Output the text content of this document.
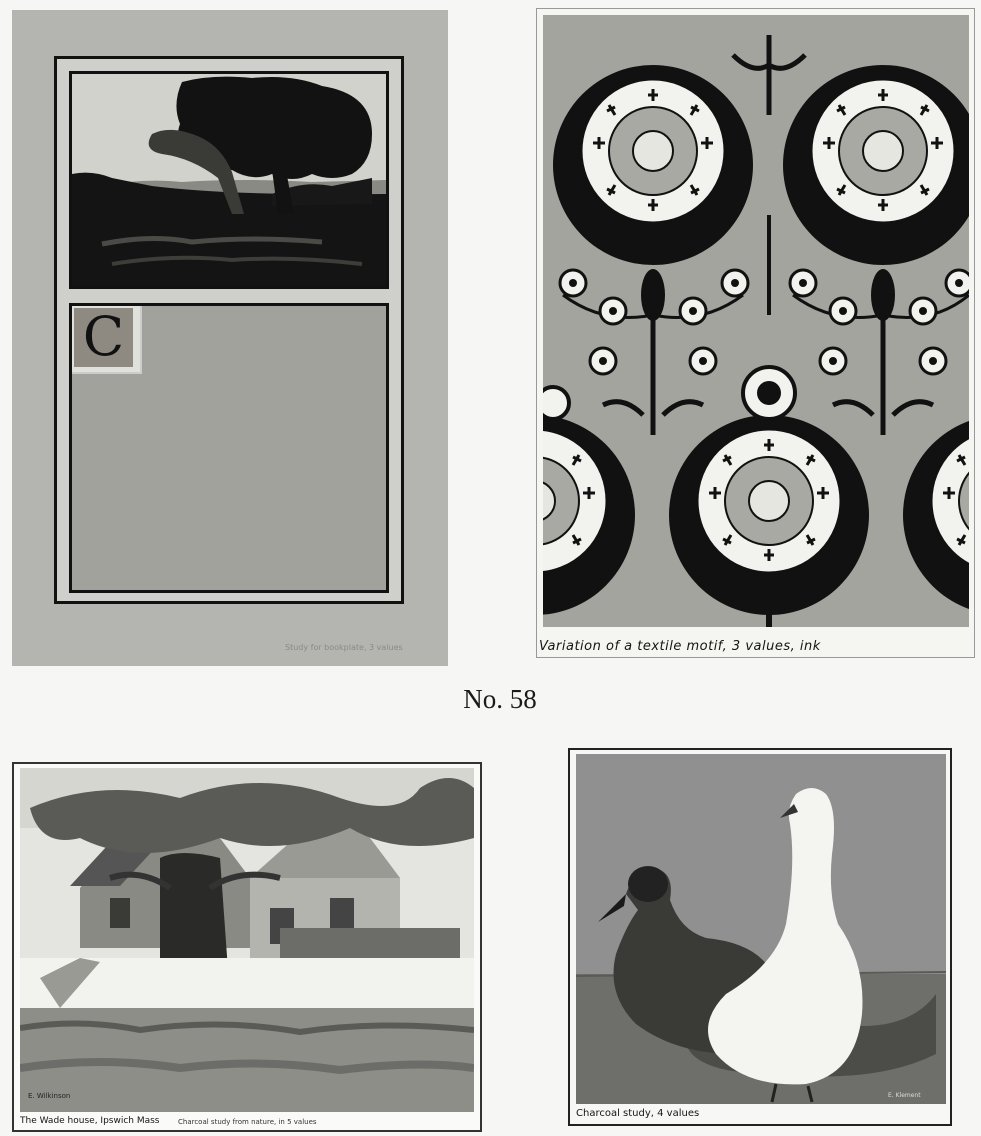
C
Study for bookplate, 3 values	Variation of a textile motif, 3 values, ink
No. 58
E. Wilkinson
The Wade house, Ipswich Mass	Charcoal study from nature, in 5 values
E. Klement
Charcoal study, 4 values
